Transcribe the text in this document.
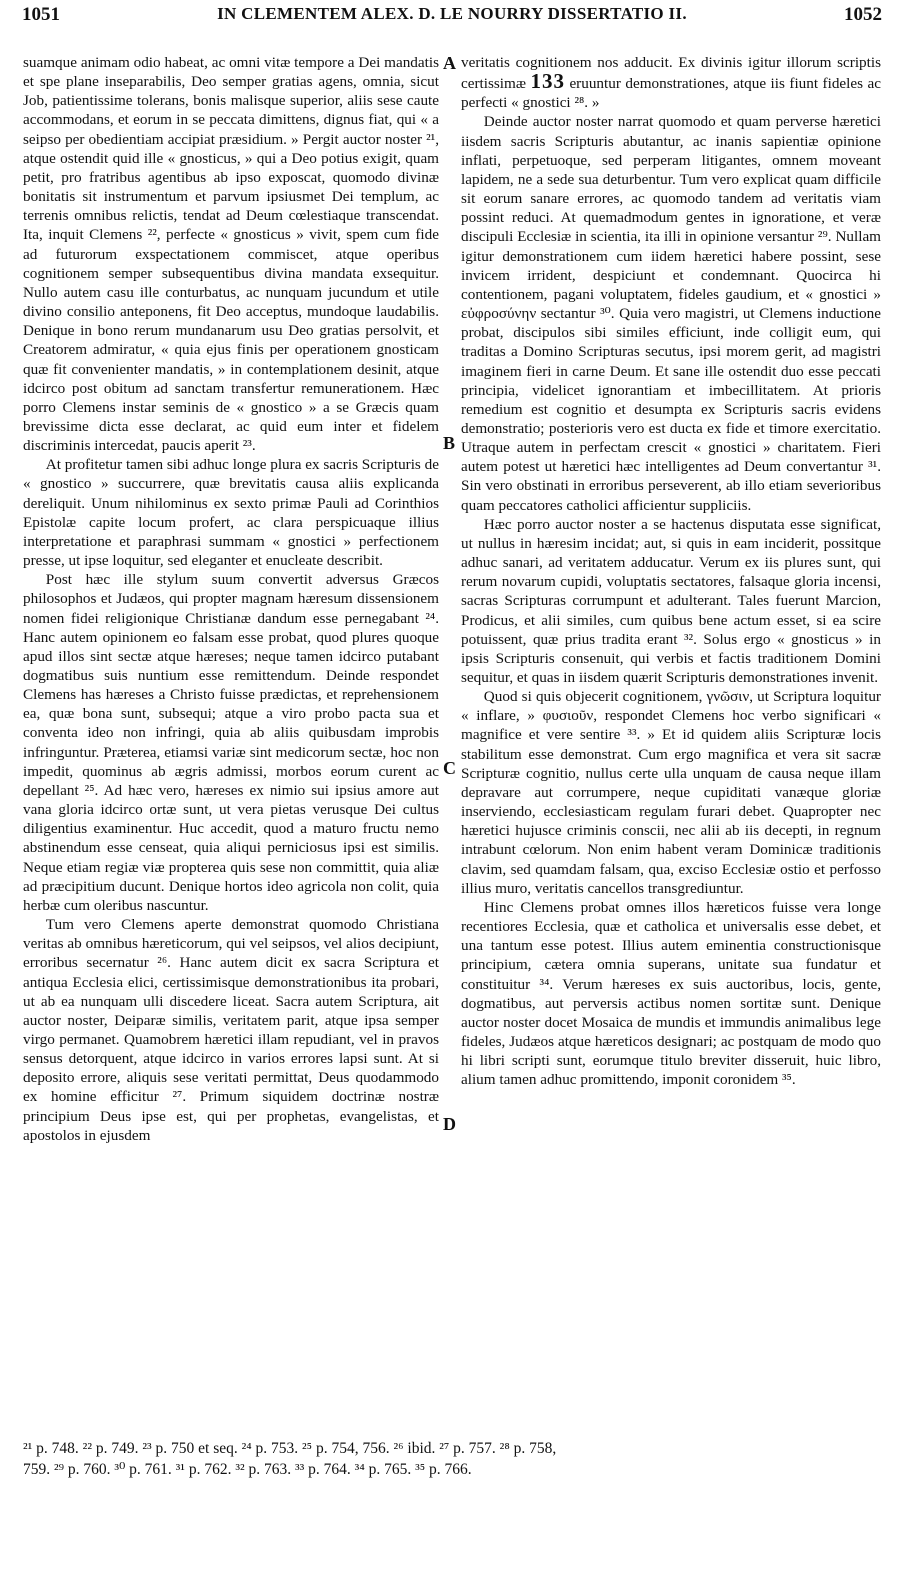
1051	IN CLEMENTEM ALEX. D. LE NOURRY DISSERTATIO II.	1052

suamque animam odio habeat, ac omni vitæ tempore a Dei mandatis et spe plane inseparabilis, Deo semper gratias agens, omnia, sicut Job, patientissime tolerans, bonis malisque superior, aliis sese caute accommodans, et eorum in se peccata dimittens, dignus fiat, qui « a seipso per obedientiam accipiat præsidium. » Pergit auctor noster ²¹, atque ostendit quid ille « gnosticus, » qui a Deo potius exigit, quam petit, pro fratribus agentibus ab ipso exposcat, quomodo divinæ bonitatis sit instrumentum et parvum ipsiusmet Dei templum, ac terrenis omnibus relictis, tendat ad Deum cœlestiaque transcendat. Ita, inquit Clemens ²², perfecte « gnosticus » vivit, spem cum fide ad futurorum exspectationem commiscet, atque operibus cognitionem semper subsequentibus divina mandata exsequitur. Nullo autem casu ille conturbatus, ac nunquam jucundum et utile divino consilio anteponens, fit Deo acceptus, mundoque laudabilis. Denique in bono rerum mundanarum usu Deo gratias persolvit, et Creatorem admiratur, « quia ejus finis per operationem gnosticam quæ fit convenienter mandatis, » in contemplationem desinit, atque idcirco post obitum ad sanctam transfertur remunerationem. Hæc porro Clemens instar seminis de « gnostico » a se Græcis quam brevissime dicta esse declarat, ac quid eum inter et fidelem discriminis intercedat, paucis aperit ²³.

At profitetur tamen sibi adhuc longe plura ex sacris Scripturis de « gnostico » succurrere, quæ brevitatis causa aliis explicanda dereliquit. Unum nihilominus ex sexto primæ Pauli ad Corinthios Epistolæ capite locum profert, ac clara perspicuaque illius interpretatione et paraphrasi summam « gnostici » perfectionem presse, ut ipse loquitur, sed eleganter et enucleate describit.

Post hæc ille stylum suum convertit adversus Græcos philosophos et Judæos, qui propter magnam hæresum dissensionem nomen fidei religionique Christianæ dandum esse pernegabant ²⁴. Hanc autem opinionem eo falsam esse probat, quod plures quoque apud illos sint sectæ atque hæreses; neque tamen idcirco putabant dogmatibus suis nuntium esse remittendum. Deinde respondet Clemens has hæreses a Christo fuisse prædictas, et reprehensionem ea, quæ bona sunt, subsequi; atque a viro probo pacta sua et conventa ideo non infringi, quia ab aliis quibusdam improbis infringuntur. Præterea, etiamsi variæ sint medicorum sectæ, hoc non impedit, quominus ab ægris admissi, morbos eorum curent ac depellant ²⁵. Ad hæc vero, hæreses ex nimio sui ipsius amore aut vana gloria idcirco ortæ sunt, ut vera pietas verusque Dei cultus diligentius examinentur. Huc accedit, quod a maturo fructu nemo abstinendum esse censeat, quia aliqui perniciosus ipsi est similis. Neque etiam regiæ viæ propterea quis sese non committit, quia aliæ ad præcipitium ducunt. Denique hortos ideo agricola non colit, quia herbæ cum oleribus nascuntur.

Tum vero Clemens aperte demonstrat quomodo Christiana veritas ab omnibus hæreticorum, qui vel seipsos, vel alios decipiunt, erroribus secernatur ²⁶. Hanc autem dicit ex sacra Scriptura et antiqua Ecclesia elici, certissimisque demonstrationibus ita probari, ut ab ea nunquam ulli discedere liceat. Sacra autem Scriptura, ait auctor noster, Deiparæ similis, veritatem parit, atque ipsa semper virgo permanet. Quamobrem hæretici illam repudiant, vel in pravos sensus detorquent, atque idcirco in varios errores lapsi sunt. At si deposito errore, aliquis sese veritati permittat, Deus quodammodo ex homine efficitur ²⁷. Primum siquidem doctrinæ nostræ principium Deus ipse est, qui per prophetas, evangelistas, et apostolos in ejusdem

veritatis cognitionem nos adducit. Ex divinis igitur illorum scriptis certissimæ 133 eruuntur demonstrationes, atque iis fiunt fideles ac perfecti « gnostici ²⁸. »

Deinde auctor noster narrat quomodo et quam perverse hæretici iisdem sacris Scripturis abutantur, ac inanis sapientiæ opinione inflati, perpetuoque, sed perperam litigantes, omnem moveant lapidem, ne a sede sua deturbentur. Tum vero explicat quam difficile sit eorum sanare errores, ac quomodo tandem ad veritatis viam possint reduci. At quemadmodum gentes in ignoratione, et veræ discipuli Ecclesiæ in scientia, ita illi in opinione versantur ²⁹. Nullam igitur demonstrationem cum iidem hæretici habere possint, sese invicem irrident, despiciunt et condemnant. Quocirca hi contentionem, pagani voluptatem, fideles gaudium, et « gnostici » εὐφροσύνην sectantur ³⁰. Quia vero magistri, ut Clemens inductione probat, discipulos sibi similes efficiunt, inde colligit eum, qui traditas a Domino Scripturas secutus, ipsi morem gerit, ad magistri imaginem fieri in carne Deum. Et sane ille ostendit duo esse peccati principia, videlicet ignorantiam et imbecillitatem. At prioris remedium est cognitio et desumpta ex Scripturis sacris evidens demonstratio; posterioris vero est ducta ex fide et timore exercitatio. Utraque autem in perfectam crescit « gnostici » charitatem. Fieri autem potest ut hæretici hæc intelligentes ad Deum convertantur ³¹. Sin vero obstinati in erroribus perseverent, ab illo etiam severioribus quam peccatores catholici afficientur suppliciis.

Hæc porro auctor noster a se hactenus disputata esse significat, ut nullus in hæresim incidat; aut, si quis in eam inciderit, possitque adhuc sanari, ad veritatem adducatur. Verum ex iis plures sunt, qui rerum novarum cupidi, voluptatis sectatores, falsaque gloria incensi, sacras Scripturas corrumpunt et adulterant. Tales fuerunt Marcion, Prodicus, et alii similes, cum quibus bene actum esset, si ea scire potuissent, quæ prius tradita erant ³². Solus ergo « gnosticus » in ipsis Scripturis consenuit, qui verbis et factis traditionem Domini sequitur, et quas in iisdem quærit Scripturis demonstrationes invenit.

Quod si quis objecerit cognitionem, γνῶσιν, ut Scriptura loquitur « inflare, » φυσιοῦν, respondet Clemens hoc verbo significari « magnifice et vere sentire ³³. » Et id quidem aliis Scripturæ locis stabilitum esse demonstrat. Cum ergo magnifica et vera sit sacræ Scripturæ cognitio, nullus certe ulla unquam de causa neque illam depravare aut corrumpere, neque cupiditati vanæque gloriæ inserviendo, ecclesiasticam regulam furari debet. Quapropter nec hæretici hujusce criminis conscii, nec alii ab iis decepti, in regnum intrabunt cœlorum. Non enim habent veram Dominicæ traditionis clavim, sed quamdam falsam, qua, exciso Ecclesiæ ostio et perfosso illius muro, veritatis cancellos transgrediuntur.

Hinc Clemens probat omnes illos hæreticos fuisse vera longe recentiores Ecclesia, quæ et catholica et universalis esse debet, et una tantum esse potest. Illius autem eminentia constructionisque principium, cætera omnia superans, unitate sua fundatur et constituitur ³⁴. Verum hæreses ex suis auctoribus, locis, gente, dogmatibus, aut perversis actibus nomen sortitæ sunt. Denique auctor noster docet Mosaica de mundis et immundis animalibus lege fideles, Judæos atque hæreticos designari; ac postquam de modo quo hi libri scripti sunt, eorumque titulo breviter disseruit, huic libro, alium tamen adhuc promittendo, imponit coronidem ³⁵.

A
B
C
D
²¹ p. 748. ²² p. 749. ²³ p. 750 et seq. ²⁴ p. 753. ²⁵ p. 754, 756. ²⁶ ibid. ²⁷ p. 757. ²⁸ p. 758,
759. ²⁹ p. 760. ³⁰ p. 761. ³¹ p. 762. ³² p. 763. ³³ p. 764. ³⁴ p. 765. ³⁵ p. 766.
